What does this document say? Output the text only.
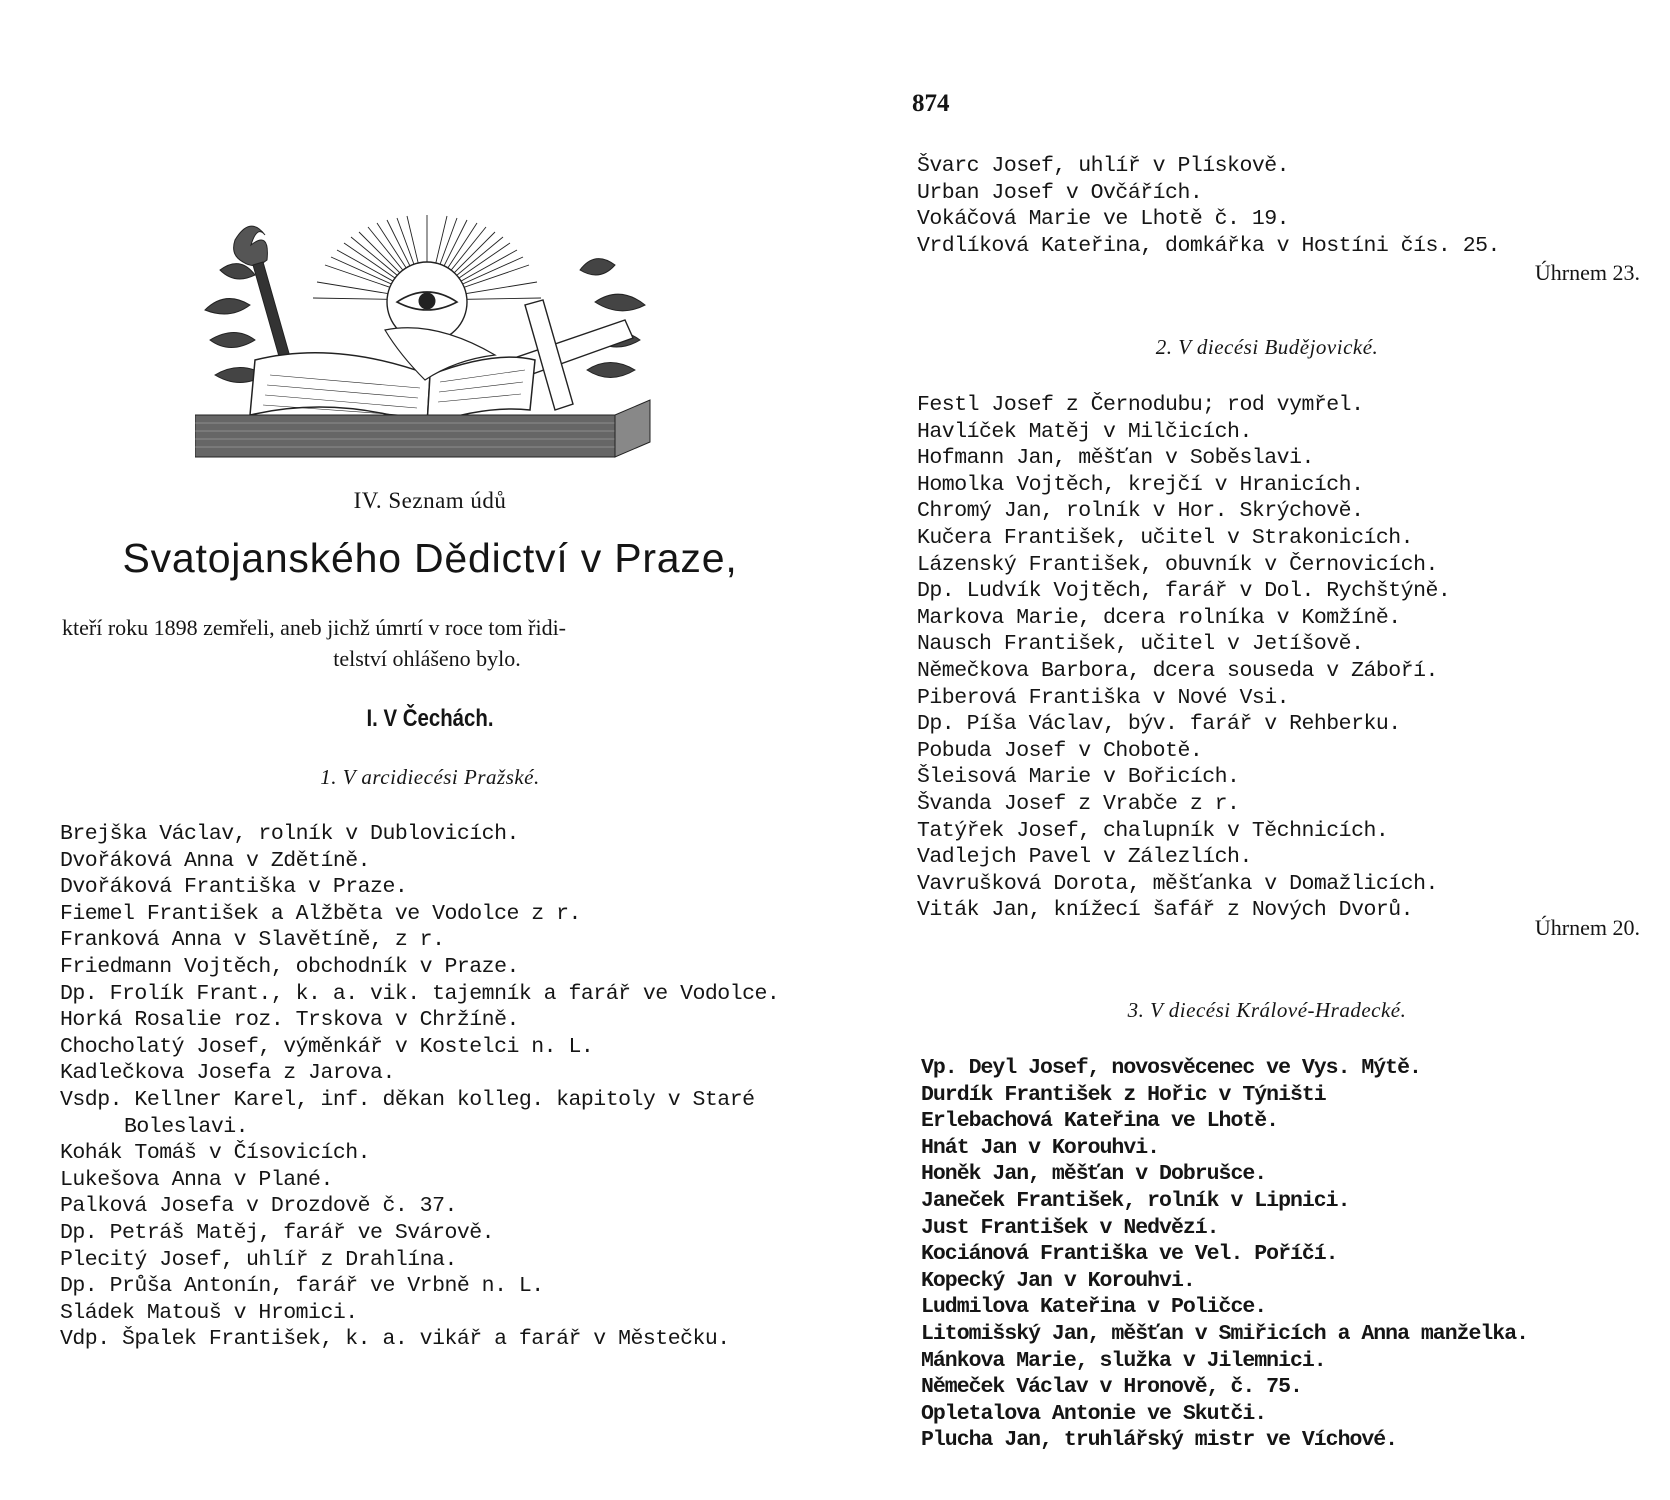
IV. Seznam údů
Svatojanského Dědictví v Praze,
kteří roku 1898 zemřeli, aneb jichž úmrtí v roce tom řidi-
telství ohlášeno bylo.
I. V Čechách.
1. V arcidiecési Pražské.
Brejška Václav, rolník v Dublovicích.
Dvořáková Anna v Zdětíně.
Dvořáková Františka v Praze.
Fiemel František a Alžběta ve Vodolce z r.
Franková Anna v Slavětíně, z r.
Friedmann Vojtěch, obchodník v Praze.
Dp. Frolík Frant., k. a. vik. tajemník a farář ve Vodolce.
Horká Rosalie roz. Trskova v Chržíně.
Chocholatý Josef, výměnkář v Kostelci n. L.
Kadlečkova Josefa z Jarova.
Vsdp. Kellner Karel, inf. děkan kolleg. kapitoly v Staré
Boleslavi.
Kohák Tomáš v Čísovicích.
Lukešova Anna v Plané.
Palková Josefa v Drozdově č. 37.
Dp. Petráš Matěj, farář ve Svárově.
Plecitý Josef, uhlíř z Drahlína.
Dp. Průša Antonín, farář ve Vrbně n. L.
Sládek Matouš v Hromici.
Vdp. Špalek František, k. a. vikář a farář v Městečku.
874
Švarc Josef, uhlíř v Plískově.
Urban Josef v Ovčářích.
Vokáčová Marie ve Lhotě č. 19.
Vrdlíková Kateřina, domkářka v Hostíni čís. 25.
Úhrnem 23.
2. V diecési Budějovické.
Festl Josef z Černodubu; rod vymřel.
Havlíček Matěj v Milčicích.
Hofmann Jan, měšťan v Soběslavi.
Homolka Vojtěch, krejčí v Hranicích.
Chromý Jan, rolník v Hor. Skrýchově.
Kučera František, učitel v Strakonicích.
Lázenský František, obuvník v Černovicích.
Dp. Ludvík Vojtěch, farář v Dol. Rychštýně.
Markova Marie, dcera rolníka v Komžíně.
Nausch František, učitel v Jetíšově.
Němečkova Barbora, dcera souseda v Záboří.
Piberová Františka v Nové Vsi.
Dp. Píša Václav, býv. farář v Rehberku.
Pobuda Josef v Chobotě.
Šleisová Marie v Bořicích.
Švanda Josef z Vrabče z r.
Tatýřek Josef, chalupník v Těchnicích.
Vadlejch Pavel v Zálezlích.
Vavrušková Dorota, měšťanka v Domažlicích.
Viták Jan, knížecí šafář z Nových Dvorů.
Úhrnem 20.
3. V diecési Králové-Hradecké.
Vp. Deyl Josef, novosvěcenec ve Vys. Mýtě.
Durdík František z Hořic v Týništi
Erlebachová Kateřina ve Lhotě.
Hnát Jan v Korouhvi.
Honěk Jan, měšťan v Dobrušce.
Janeček František, rolník v Lipnici.
Just František v Nedvězí.
Kociánová Františka ve Vel. Poříčí.
Kopecký Jan v Korouhvi.
Ludmilova Kateřina v Poličce.
Litomišský Jan, měšťan v Smiřicích a Anna manželka.
Mánkova Marie, služka v Jilemnici.
Němeček Václav v Hronově, č. 75.
Opletalova Antonie ve Skutči.
Plucha Jan, truhlářský mistr ve Víchové.
